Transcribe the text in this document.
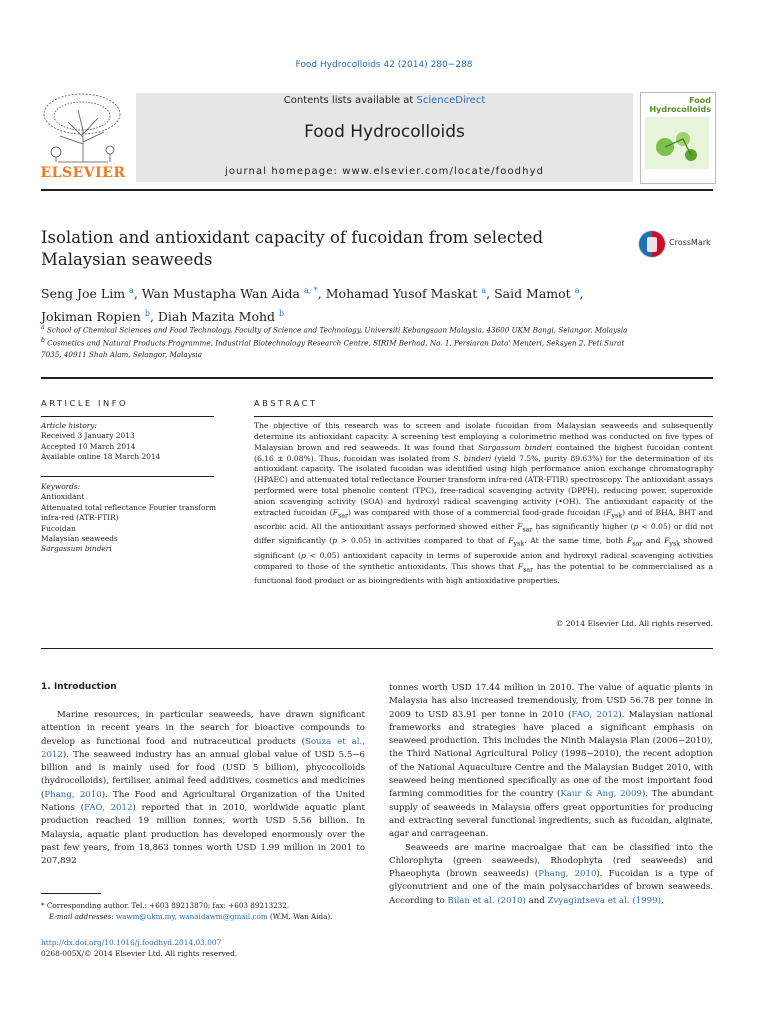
Food Hydrocolloids 42 (2014) 280−288
ELSEVIER
Contents lists available at ScienceDirect
Food Hydrocolloids
journal homepage: www.elsevier.com/locate/foodhyd
Food Hydrocolloids
Isolation and antioxidant capacity of fucoidan from selected Malaysian seaweeds
CrossMark
Seng Joe Lim $^a$, Wan Mustapha Wan Aida $^{a, *}$, Mohamad Yusof Maskat $^a$, Said Mamot $^a$,
Jokiman Ropien $^b$, Diah Mazita Mohd $^b$
$^a$ School of Chemical Sciences and Food Technology, Faculty of Science and Technology, Universiti Kebangsaan Malaysia, 43600 UKM Bangi, Selangor, Malaysia
$^b$ Cosmetics and Natural Products Programme, Industrial Biotechnology Research Centre, SIRIM Berhad, No. 1, Persiaran Dato' Menteri, Seksyen 2, Peti Surat 7035, 40911 Shah Alam, Selangor, Malaysia
ARTICLE INFO	ABSTRACT
Article history:
Received 3 January 2013
Accepted 10 March 2014
Available online 18 March 2014
Keywords:
Antioxidant
Attenuated total reflectance Fourier transform infra-red (ATR-FTIR)
Fucoidan
Malaysian seaweeds
Sargassum binderi
The objective of this research was to screen and isolate fucoidan from Malaysian seaweeds and subsequently determine its antioxidant capacity. A screening test employing a colorimetric method was conducted on five types of Malaysian brown and red seaweeds. It was found that Sargassum binderi contained the highest fucoidan content (6.16 ± 0.08%). Thus, fucoidan was isolated from S. binderi (yield 7.5%, purity 89.63%) for the determination of its antioxidant capacity. The isolated fucoidan was identified using high performance anion exchange chromatography (HPAEC) and attenuated total reflectance Fourier transform infra-red (ATR-FTIR) spectroscopy. The antioxidant assays performed were total phenolic content (TPC), free-radical scavenging activity (DPPH), reducing power, superoxide anion scavenging activity (SOA) and hydroxyl radical scavenging activity (•OH). The antioxidant capacity of the extracted fucoidan $(F_{sar})$ was compared with those of a commercial food-grade fucoidan $(F_{ysk})$ and of BHA, BHT and ascorbic acid. All the antioxidant assays performed showed either $F_{sar}$ has significantly higher (p < 0.05) or did not differ significantly (p > 0.05) in activities compared to that of $F_{ysk}$. At the same time, both $F_{sar}$ and $F_{ysk}$ showed significant (p < 0.05) antioxidant capacity in terms of superoxide anion and hydroxyl radical scavenging activities compared to those of the synthetic antioxidants. This shows that $F_{sar}$ has the potential to be commercialised as a functional food product or as bioingredients with high antioxidative properties.
© 2014 Elsevier Ltd. All rights reserved.
1. Introduction
Marine resources, in particular seaweeds, have drawn significant attention in recent years in the search for bioactive compounds to develop as functional food and nutraceutical products (Souza et al., 2012). The seaweed industry has an annual global value of USD 5.5−6 billion and is mainly used for food (USD 5 billion), phycocolloids (hydrocolloids), fertiliser, animal feed additives, cosmetics and medicines (Phang, 2010). The Food and Agricultural Organization of the United Nations (FAO, 2012) reported that in 2010, worldwide aquatic plant production reached 19 million tonnes, worth USD 5.56 billion. In Malaysia, aquatic plant production has developed enormously over the past few years, from 18,863 tonnes worth USD 1.99 million in 2001 to 207,892

tonnes worth USD 17.44 million in 2010. The value of aquatic plants in Malaysia has also increased tremendously, from USD 56.78 per tonne in 2009 to USD 83.91 per tonne in 2010 (FAO, 2012). Malaysian national frameworks and strategies have placed a significant emphasis on seaweed production. This includes the Ninth Malaysia Plan (2006−2010), the Third National Agricultural Policy (1998−2010), the recent adoption of the National Aquaculture Centre and the Malaysian Budget 2010, with seaweed being mentioned specifically as one of the most important food farming commodities for the country (Kaur & Ang, 2009). The abundant supply of seaweeds in Malaysia offers great opportunities for producing and extracting several functional ingredients, such as fucoidan, alginate, agar and carrageenan.

Seaweeds are marine macroalgae that can be classified into the Chlorophyta (green seaweeds), Rhodophyta (red seaweeds) and Phaeophyta (brown seaweeds) (Phang, 2010). Fucoidan is a type of glyconutrient and one of the main polysaccharides of brown seaweeds. According to Bilan et al. (2010) and Zvyagintseva et al. (1999),

* Corresponding author. Tel.: +603 89213870; fax: +603 89213232.
E-mail addresses: wawm@ukm.my, wanaidawm@gmail.com (W.M. Wan Aida).
http://dx.doi.org/10.1016/j.foodhyd.2014.03.007
0268-005X/© 2014 Elsevier Ltd. All rights reserved.
